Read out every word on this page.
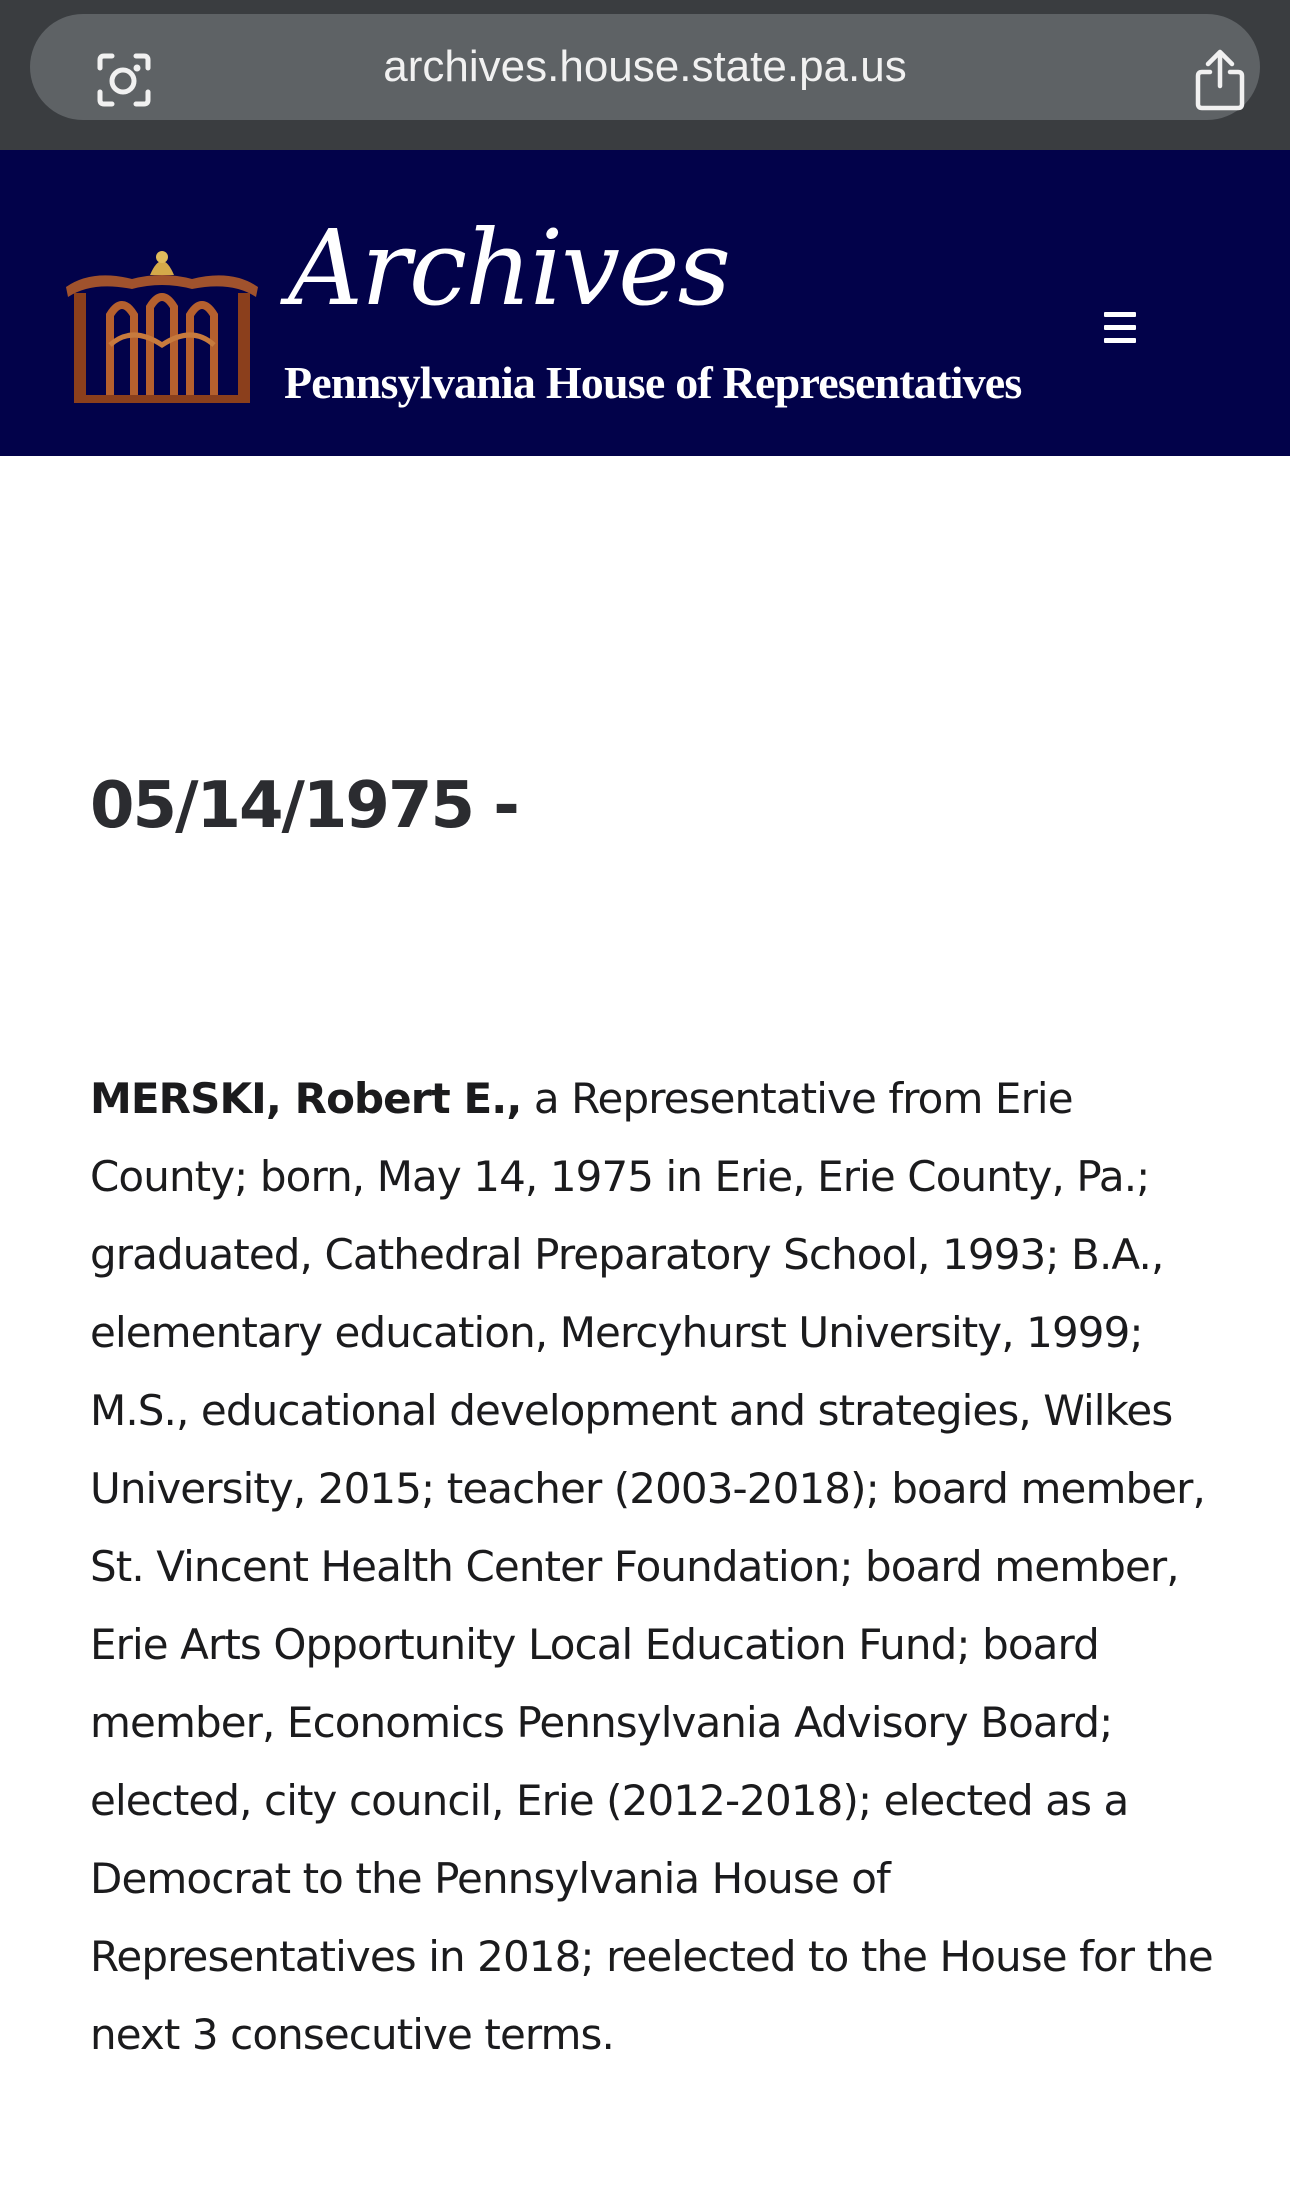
archives.house.state.pa.us
Archives
Pennsylvania House of Representatives
05/14/1975 -

MERSKI, Robert E., a Representative from Erie County; born, May 14, 1975 in Erie, Erie County, Pa.; graduated, Cathedral Preparatory School, 1993; B.A., elementary education, Mercyhurst University, 1999; M.S., educational development and strategies, Wilkes University, 2015; teacher (2003-2018); board member, St. Vincent Health Center Foundation; board member, Erie Arts Opportunity Local Education Fund; board member, Economics Pennsylvania Advisory Board; elected, city council, Erie (2012-2018); elected as a Democrat to the Pennsylvania House of Representatives in 2018; reelected to the House for the next 3 consecutive terms.
